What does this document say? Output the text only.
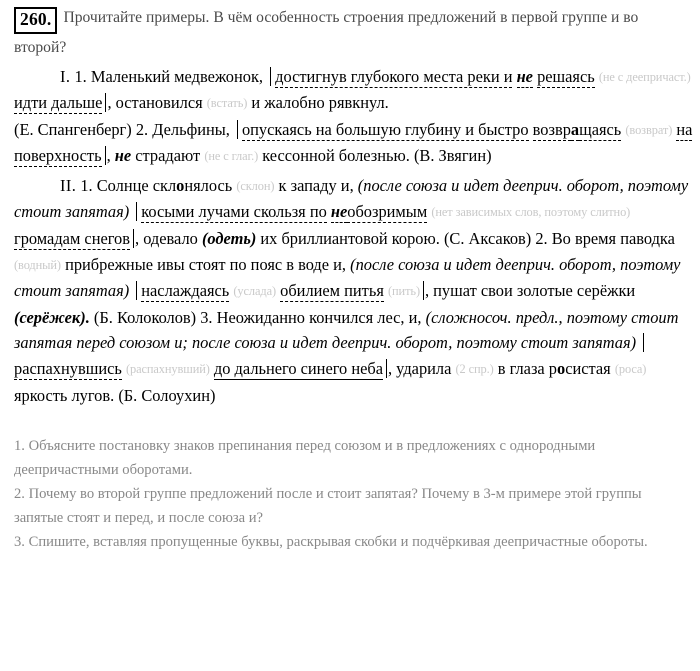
260. Прочитайте примеры. В чём особенность строения предложений в первой группе и во второй?
I. 1. Маленький медвежонок, достигнув глубокого места реки и не решаясь (не с деепричаст.) идти дальше , остановился (встать) и жалобно рявкнул.
(Е. Спангенберг) 2. Дельфины, опускаясь на большую глубину и быстро возвращаясь (возврат) на поверхность , не страдают (не с глаг.) кессонной болезнью. (В. Звягин)
II. 1. Солнце склонялось (склон) к западу и, (после союза и идет дееприч. оборот, поэтому стоит запятая) косыми лучами скользя по необозримым (нет зависимых слов, поэтому слитно) громадам снегов , одевало (одеть) их бриллиантовой корою. (С. Аксаков) 2. Во время паводка (водный) прибрежные ивы стоят по пояс в воде и, (после союза и идет дееприч. оборот, поэтому стоит запятая) наслаждаясь (усладa) обилием питья (пить) , пушат свои золотые серёжки (серёжек). (Б. Колоколов) 3. Неожиданно кончился лес, и, (сложносоч. предл., поэтому стоит запятая перед союзом и; после союза и идет дееприч. оборот, поэтому стоит запятая) распахнувшись (распахнувший) до дальнего синего неба , ударила (2 спр.) в глаза росистая (роса) яркость лугов. (Б. Солоухин)

1. Объясните постановку знаков препинания перед союзом и в предложениях с однородными деепричастными оборотами.

2. Почему во второй группе предложений после и стоит запятая? Почему в 3-м примере этой группы запятые стоят и перед, и после союза и?

3. Спишите, вставляя пропущенные буквы, раскрывая скобки и подчёркивая деепричастные обороты.
